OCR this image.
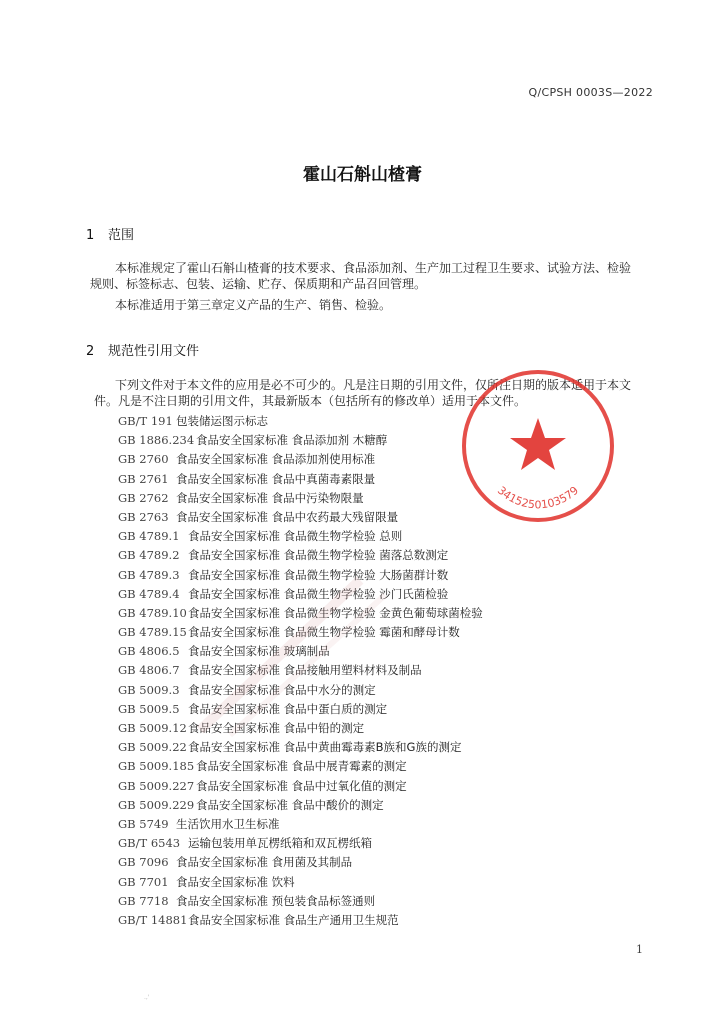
Q/CPSH 0003S—2022
霍山石斛山楂膏
1 范围
本标准规定了霍山石斛山楂膏的技术要求、食品添加剂、生产加工过程卫生要求、试验方法、检验
规则、标签标志、包装、运输、贮存、保质期和产品召回管理。
本标准适用于第三章定义产品的生产、销售、检验。
2 规范性引用文件
下列文件对于本文件的应用是必不可少的。凡是注日期的引用文件，仅所注日期的版本适用于本文
件。凡是不注日期的引用文件，其最新版本（包括所有的修改单）适用于本文件。
GB/T 191 包装储运图示标志
GB 1886.234 食品安全国家标准 食品添加剂 木糖醇
GB 2760 食品安全国家标准 食品添加剂使用标准
GB 2761 食品安全国家标准 食品中真菌毒素限量
GB 2762 食品安全国家标准 食品中污染物限量
GB 2763 食品安全国家标准 食品中农药最大残留限量
GB 4789.1 食品安全国家标准 食品微生物学检验 总则
GB 4789.2 食品安全国家标准 食品微生物学检验 菌落总数测定
GB 4789.3 食品安全国家标准 食品微生物学检验 大肠菌群计数
GB 4789.4 食品安全国家标准 食品微生物学检验 沙门氏菌检验
GB 4789.10食品安全国家标准 食品微生物学检验 金黄色葡萄球菌检验
GB 4789.15食品安全国家标准 食品微生物学检验 霉菌和酵母计数
GB 4806.5 食品安全国家标准 玻璃制品
GB 4806.7 食品安全国家标准 食品接触用塑料材料及制品
GB 5009.3 食品安全国家标准 食品中水分的测定
GB 5009.5 食品安全国家标准 食品中蛋白质的测定
GB 5009.12食品安全国家标准 食品中铅的测定
GB 5009.22食品安全国家标准 食品中黄曲霉毒素B族和G族的测定
GB 5009.185 食品安全国家标准 食品中展青霉素的测定
GB 5009.227 食品安全国家标准 食品中过氧化值的测定
GB 5009.229 食品安全国家标准 食品中酸价的测定
GB 5749 生活饮用水卫生标准
GB/T 6543 运输包装用单瓦楞纸箱和双瓦楞纸箱
GB 7096 食品安全国家标准 食用菌及其制品
GB 7701 食品安全国家标准 饮料
GB 7718 食品安全国家标准 预包装食品标签通则
GB/T 14881食品安全国家标准 食品生产通用卫生规范
3415250103579
1
.,'
